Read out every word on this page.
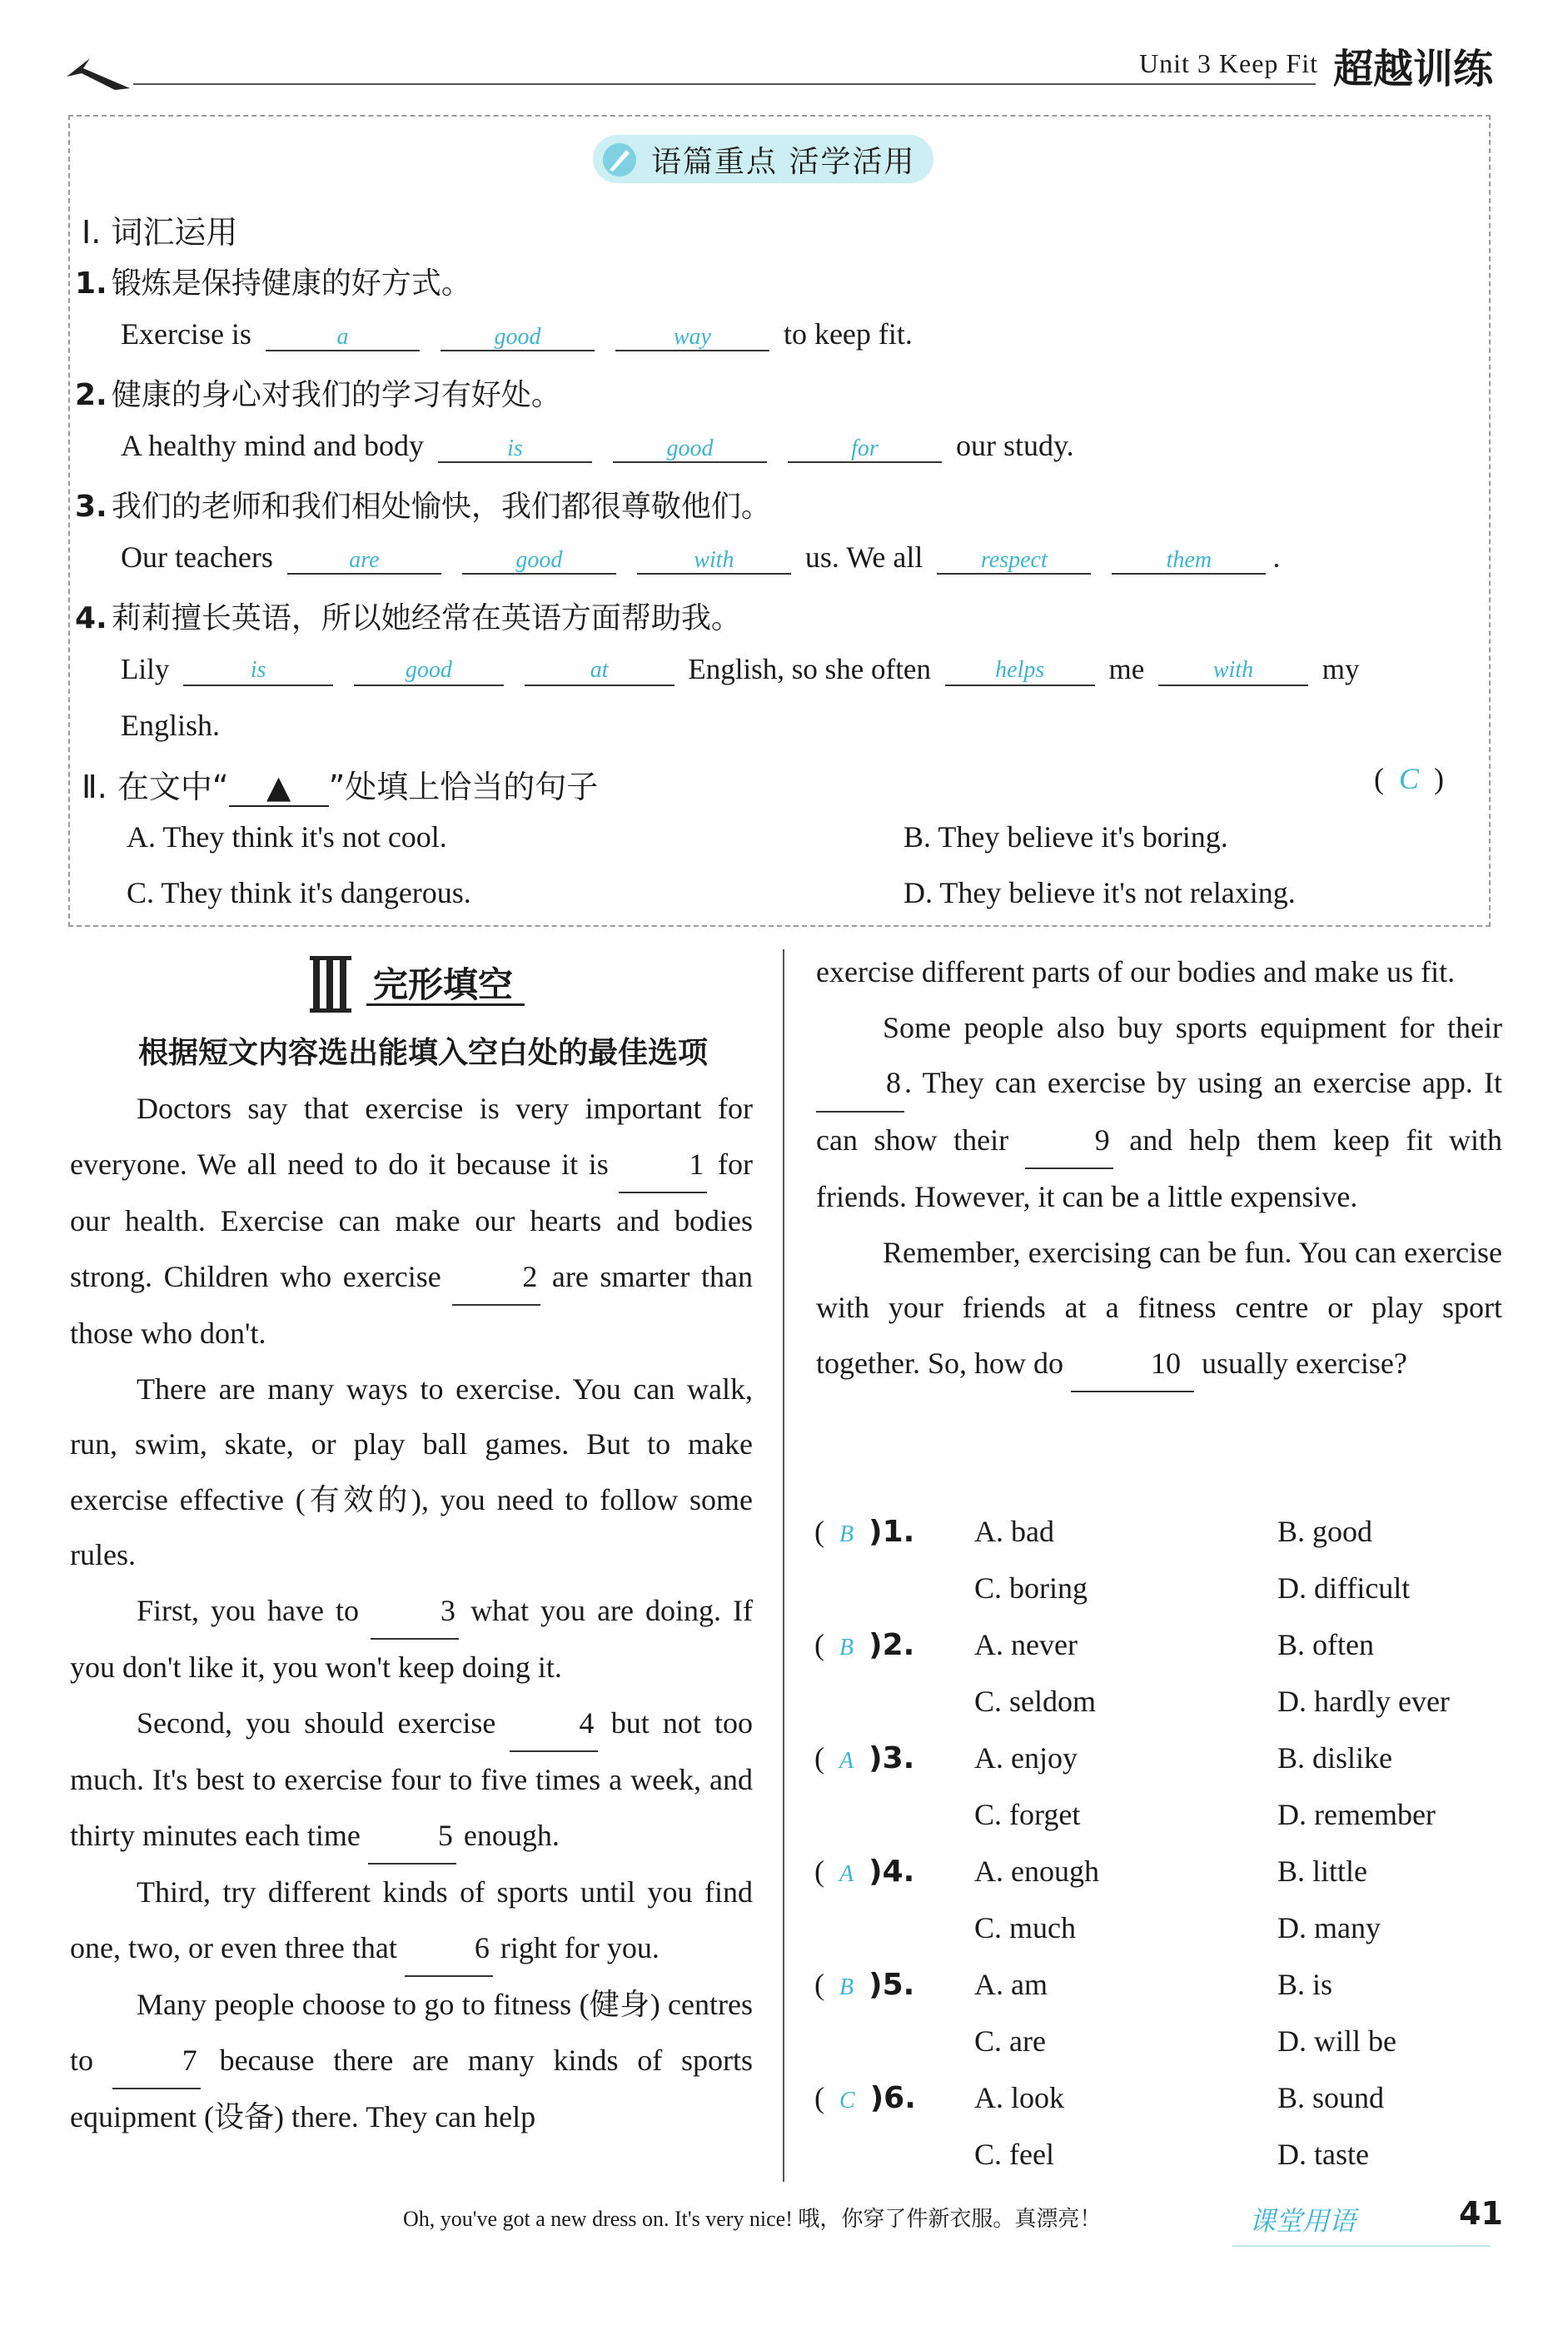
Unit 3 Keep Fit 超越训练
语篇重点 活学活用
Ⅰ. 词汇运用
1. 锻炼是保持健康的好方式。
Exercise is	a	good	way to keep fit.
2. 健康的身心对我们的学习有好处。
A healthy mind and body	is	good	for	our study.
3. 我们的老师和我们相处愉快，我们都很尊敬他们。
Our teachers	are	good	with us. We all respect	them .
4. 莉莉擅长英语，所以她经常在英语方面帮助我。
Lily	is	good	at	English, so she often	helps me	with my
English.
Ⅱ. 在文中“ ▲ ”处填上恰当的句子	( C )
A. They think it's not cool.	B. They believe it's boring.
C. They think it's dangerous.	D. They believe it's not relaxing.
完形填空
根据短文内容选出能填入空白处的最佳选项
Doctors say that exercise is very important for everyone. We all need to do it because it is	1 for our health. Exercise can make our hearts and bodies strong. Children who exercise	2 are smarter than those who don't.
There are many ways to exercise. You can walk, run, swim, skate, or play ball games. But to make exercise effective (有效的), you need to follow some rules.
First, you have to	3 what you are doing. If you don't like it, you won't keep doing it.
Second, you should exercise	4 but not too much. It's best to exercise four to five times a week, and thirty minutes each time	5 enough.
Third, try different kinds of sports until you find one, two, or even three that	6 right for you.
Many people choose to go to fitness (健身) centres to	7 because there are many kinds of sports equipment (设备) there. They can help
exercise different parts of our bodies and make us fit.
Some people also buy sports equipment for their 8 . They can exercise by using an exercise app. It can show their	9 and help them keep fit with friends. However, it can be a little expensive.
Remember, exercising can be fun. You can exercise with your friends at a fitness centre or play sport together. So, how do	10 usually exercise?
( B )1. A. bad	B. good
C. boring	D. difficult
( B )2. A. never	B. often
C. seldom	D. hardly ever
( A )3. A. enjoy	B. dislike
C. forget	D. remember
( A )4. A. enough	B. little
C. much	D. many
( B )5. A. am	B. is
C. are	D. will be
( C )6. A. look	B. sound
C. feel	D. taste
Oh, you've got a new dress on. It's very nice! 哦，你穿了件新衣服。真漂亮！	课堂用语	41
